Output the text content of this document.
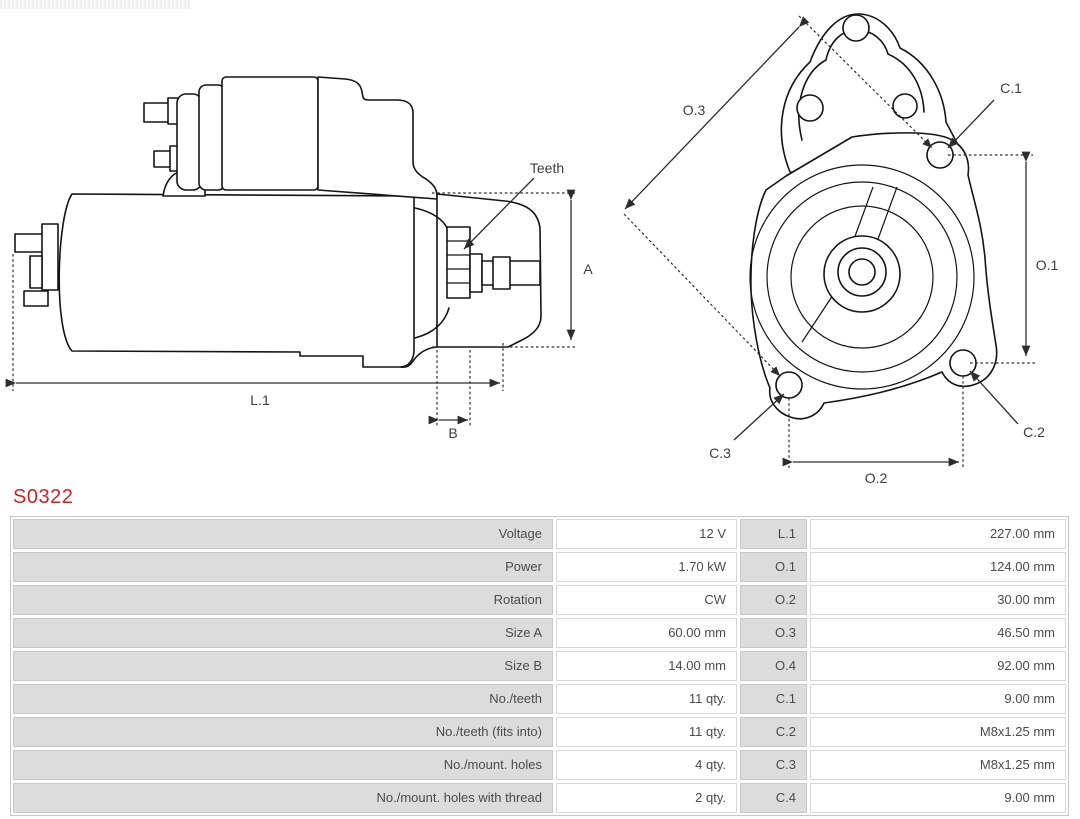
Teeth
A
L.1
B
O.3
C.1
O.1
C.2
C.3
O.2
S0322
Voltage	12 V	L.1	227.00 mm
Power	1.70 kW	O.1	124.00 mm
Rotation	CW	O.2	30.00 mm
Size A	60.00 mm	O.3	46.50 mm
Size B	14.00 mm	O.4	92.00 mm
No./teeth	11 qty.	C.1	9.00 mm
No./teeth (fits into)	11 qty.	C.2	M8x1.25 mm
No./mount. holes	4 qty.	C.3	M8x1.25 mm
No./mount. holes with thread	2 qty.	C.4	9.00 mm
